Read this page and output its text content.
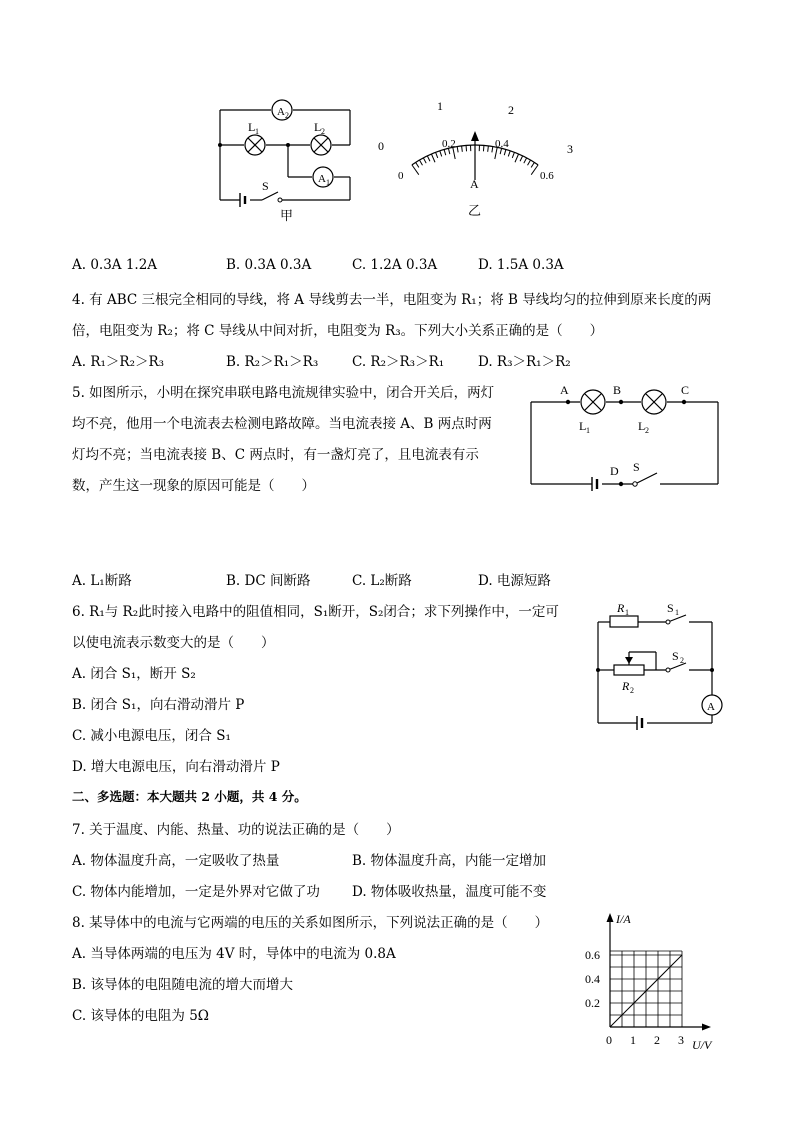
A 2
A 1
L 1	L 2
S
甲
0
1	2
3
0
0.2	0.4
0.6
A
乙
A. 0.3A 1.2A	B. 0.3A 0.3A	C. 1.2A 0.3A	D. 1.5A 0.3A
4. 有 ABC 三根完全相同的导线，将 A 导线剪去一半，电阻变为 R₁；将 B 导线均匀的拉伸到原来长度的两
倍，电阻变为 R₂；将 C 导线从中间对折，电阻变为 R₃。下列大小关系正确的是（　　）
A. R₁＞R₂＞R₃	B. R₂＞R₁＞R₃	C. R₂＞R₃＞R₁	D. R₃＞R₁＞R₂
5. 如图所示，小明在探究串联电路电流规律实验中，闭合开关后，两灯
均不亮，他用一个电流表去检测电路故障。当电流表接 A、B 两点时两
灯均不亮；当电流表接 B、C 两点时，有一盏灯亮了，且电流表有示
数，产生这一现象的原因可能是（　　）
A	B	C
D S
L 1	L 2
A. L₁断路	B. DC 间断路	C. L₂断路	D. 电源短路
6. R₁与 R₂此时接入电路中的阻值相同，S₁断开，S₂闭合；求下列操作中，一定可
以使电流表示数变大的是（　　）
A. 闭合 S₁，断开 S₂
B. 闭合 S₁，向右滑动滑片 P
C. 减小电源电压，闭合 S₁
D. 增大电源电压，向右滑动滑片 P
R 1
R 2
S 1
S 2
A
二、多选题：本大题共 2 小题，共 4 分。
7. 关于温度、内能、热量、功的说法正确的是（　　）
A. 物体温度升高，一定吸收了热量	B. 物体温度升高，内能一定增加
C. 物体内能增加，一定是外界对它做了功 D. 物体吸收热量，温度可能不变
8. 某导体中的电流与它两端的电压的关系如图所示，下列说法正确的是（　　）
A. 当导体两端的电压为 4V 时，导体中的电流为 0.8A
B. 该导体的电阻随电流的增大而增大
C. 该导体的电阻为 5Ω
I/A
U/V
0 1 2 3
0.2
0.4
0.6
